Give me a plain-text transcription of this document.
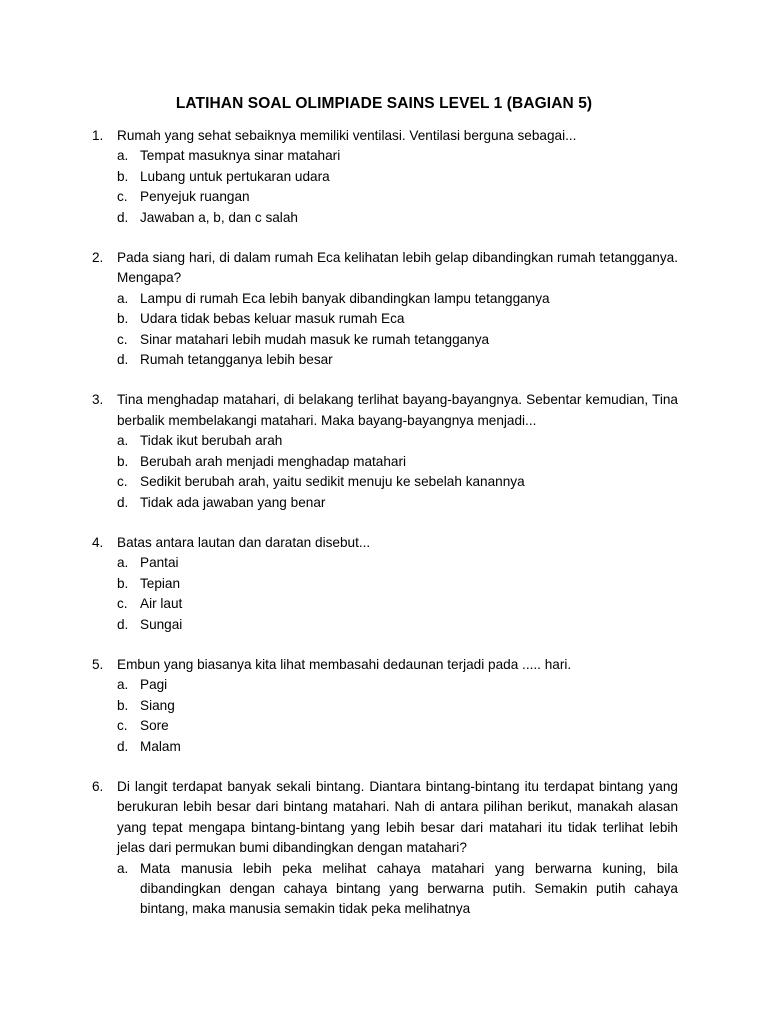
LATIHAN SOAL OLIMPIADE SAINS LEVEL 1 (BAGIAN 5)
1.	Rumah yang sehat sebaiknya memiliki ventilasi. Ventilasi berguna sebagai...
a. Tempat masuknya sinar matahari
b. Lubang untuk pertukaran udara
c. Penyejuk ruangan
d. Jawaban a, b, dan c salah
2.	Pada siang hari, di dalam rumah Eca kelihatan lebih gelap dibandingkan rumah tetangganya. Mengapa?
a. Lampu di rumah Eca lebih banyak dibandingkan lampu tetangganya
b. Udara tidak bebas keluar masuk rumah Eca
c. Sinar matahari lebih mudah masuk ke rumah tetangganya
d. Rumah tetangganya lebih besar
3.	Tina menghadap matahari, di belakang terlihat bayang-bayangnya. Sebentar kemudian, Tina berbalik membelakangi matahari. Maka bayang-bayangnya menjadi...
a. Tidak ikut berubah arah
b. Berubah arah menjadi menghadap matahari
c. Sedikit berubah arah, yaitu sedikit menuju ke sebelah kanannya
d. Tidak ada jawaban yang benar
4.	Batas antara lautan dan daratan disebut...
a. Pantai
b. Tepian
c. Air laut
d. Sungai
5.	Embun yang biasanya kita lihat membasahi dedaunan terjadi pada ..... hari.
a. Pagi
b. Siang
c. Sore
d. Malam
6.	Di langit terdapat banyak sekali bintang. Diantara bintang-bintang itu terdapat bintang yang berukuran lebih besar dari bintang matahari. Nah di antara pilihan berikut, manakah alasan yang tepat mengapa bintang-bintang yang lebih besar dari matahari itu tidak terlihat lebih jelas dari permukan bumi dibandingkan dengan matahari?
a. Mata manusia lebih peka melihat cahaya matahari yang berwarna kuning, bila dibandingkan dengan cahaya bintang yang berwarna putih. Semakin putih cahaya bintang, maka manusia semakin tidak peka melihatnya
